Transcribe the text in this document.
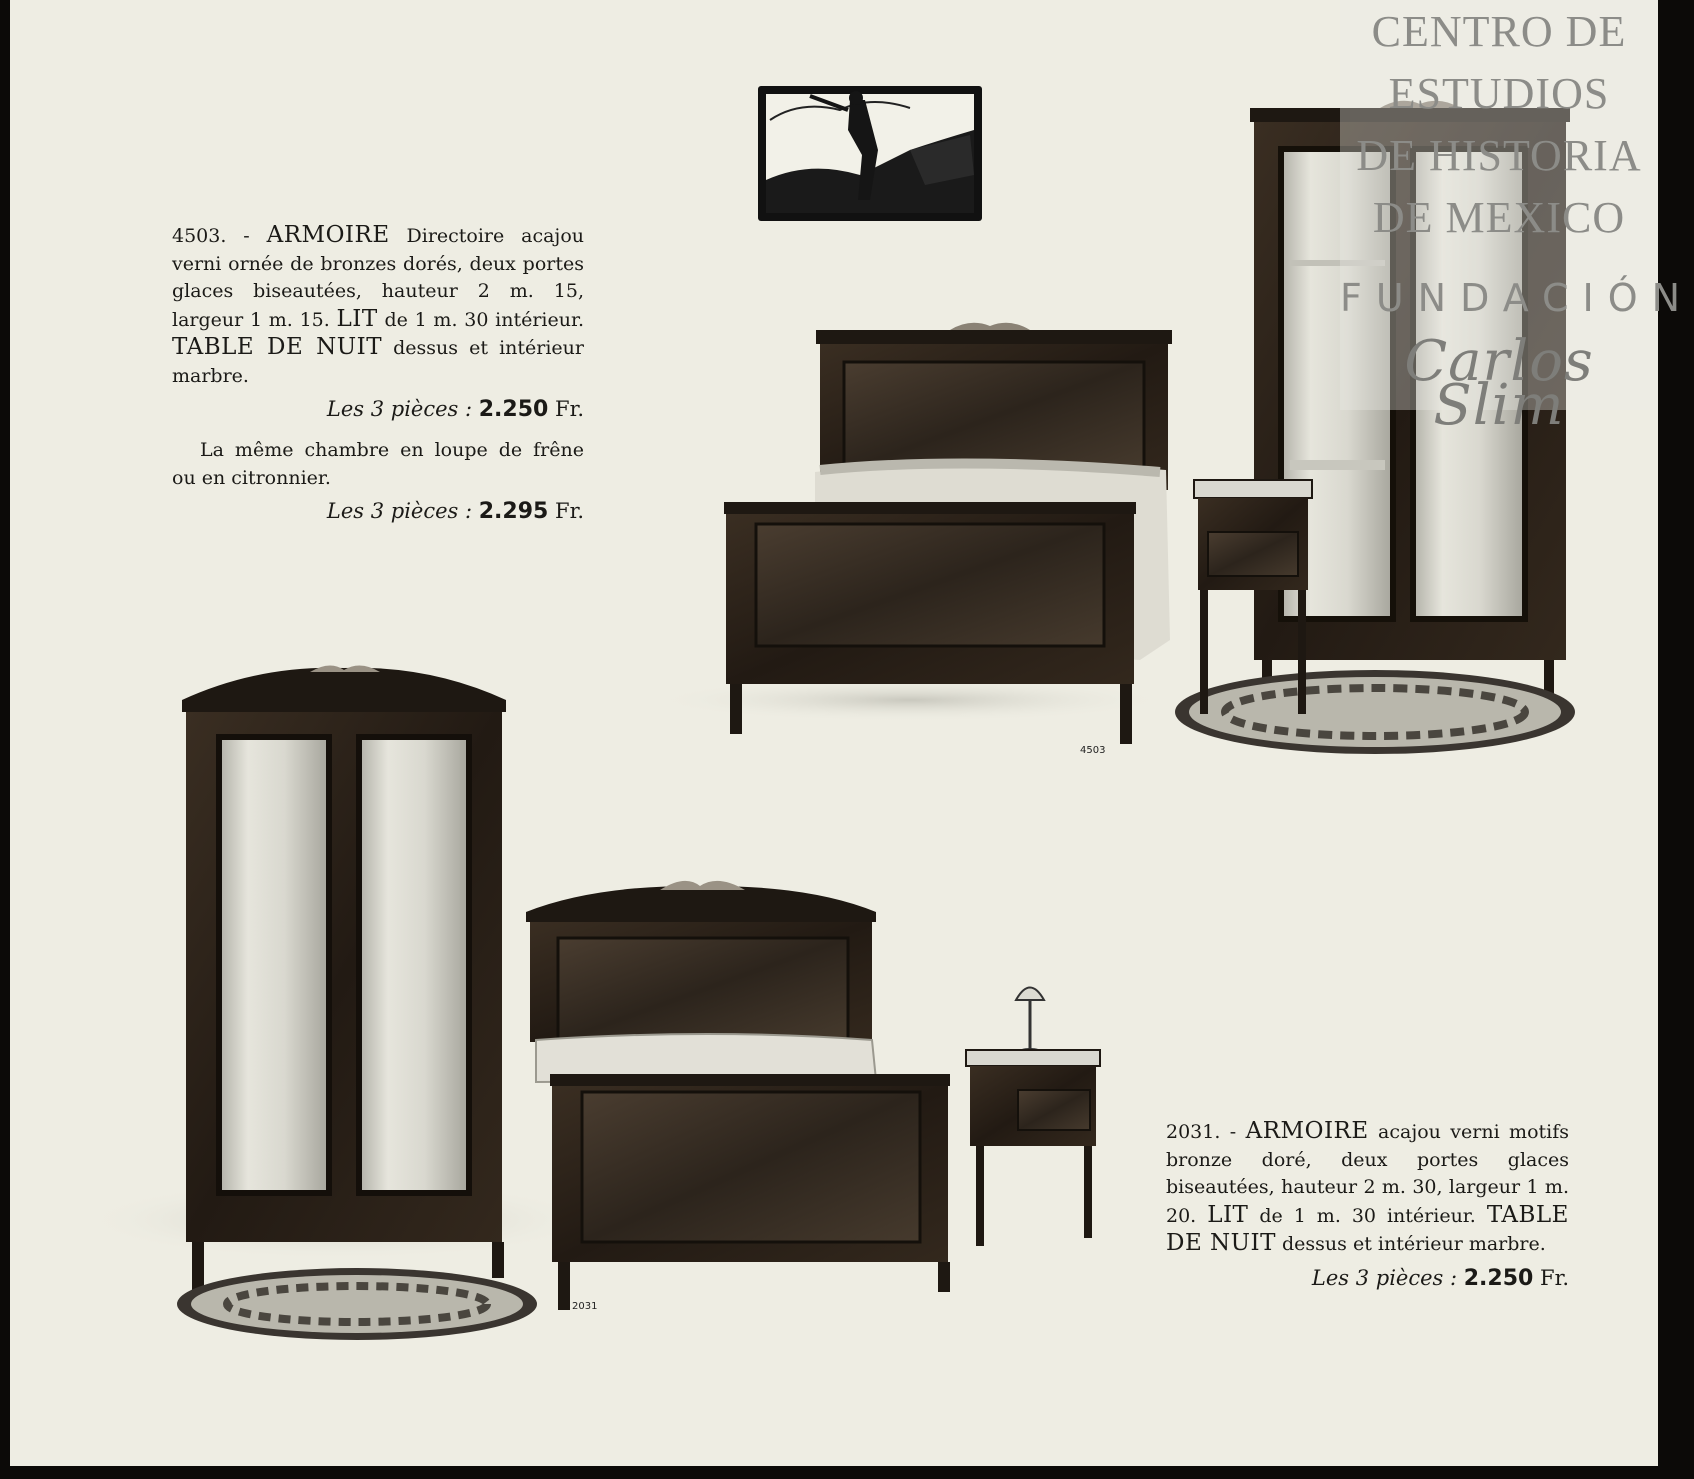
4503
2031

4503. - ARMOIRE Directoire acajou verni ornée de bronzes dorés, deux portes glaces biseautées, hauteur 2 m. 15, largeur 1 m. 15. LIT de 1 m. 30 intérieur. TABLE DE NUIT dessus et intérieur marbre.

Les 3 pièces : 2.250 Fr.

La même chambre en loupe de frêne ou en citronnier.

Les 3 pièces : 2.295 Fr.

2031. - ARMOIRE acajou verni motifs bronze doré, deux portes glaces biseautées, hauteur 2 m. 30, largeur 1 m. 20. LIT de 1 m. 30 intérieur. TABLE DE NUIT dessus et intérieur marbre.

Les 3 pièces : 2.250 Fr.

CENTRO DE
ESTUDIOS
DE HISTORIA
DE MEXICO
FUNDACIÓN
Carlos Slim
